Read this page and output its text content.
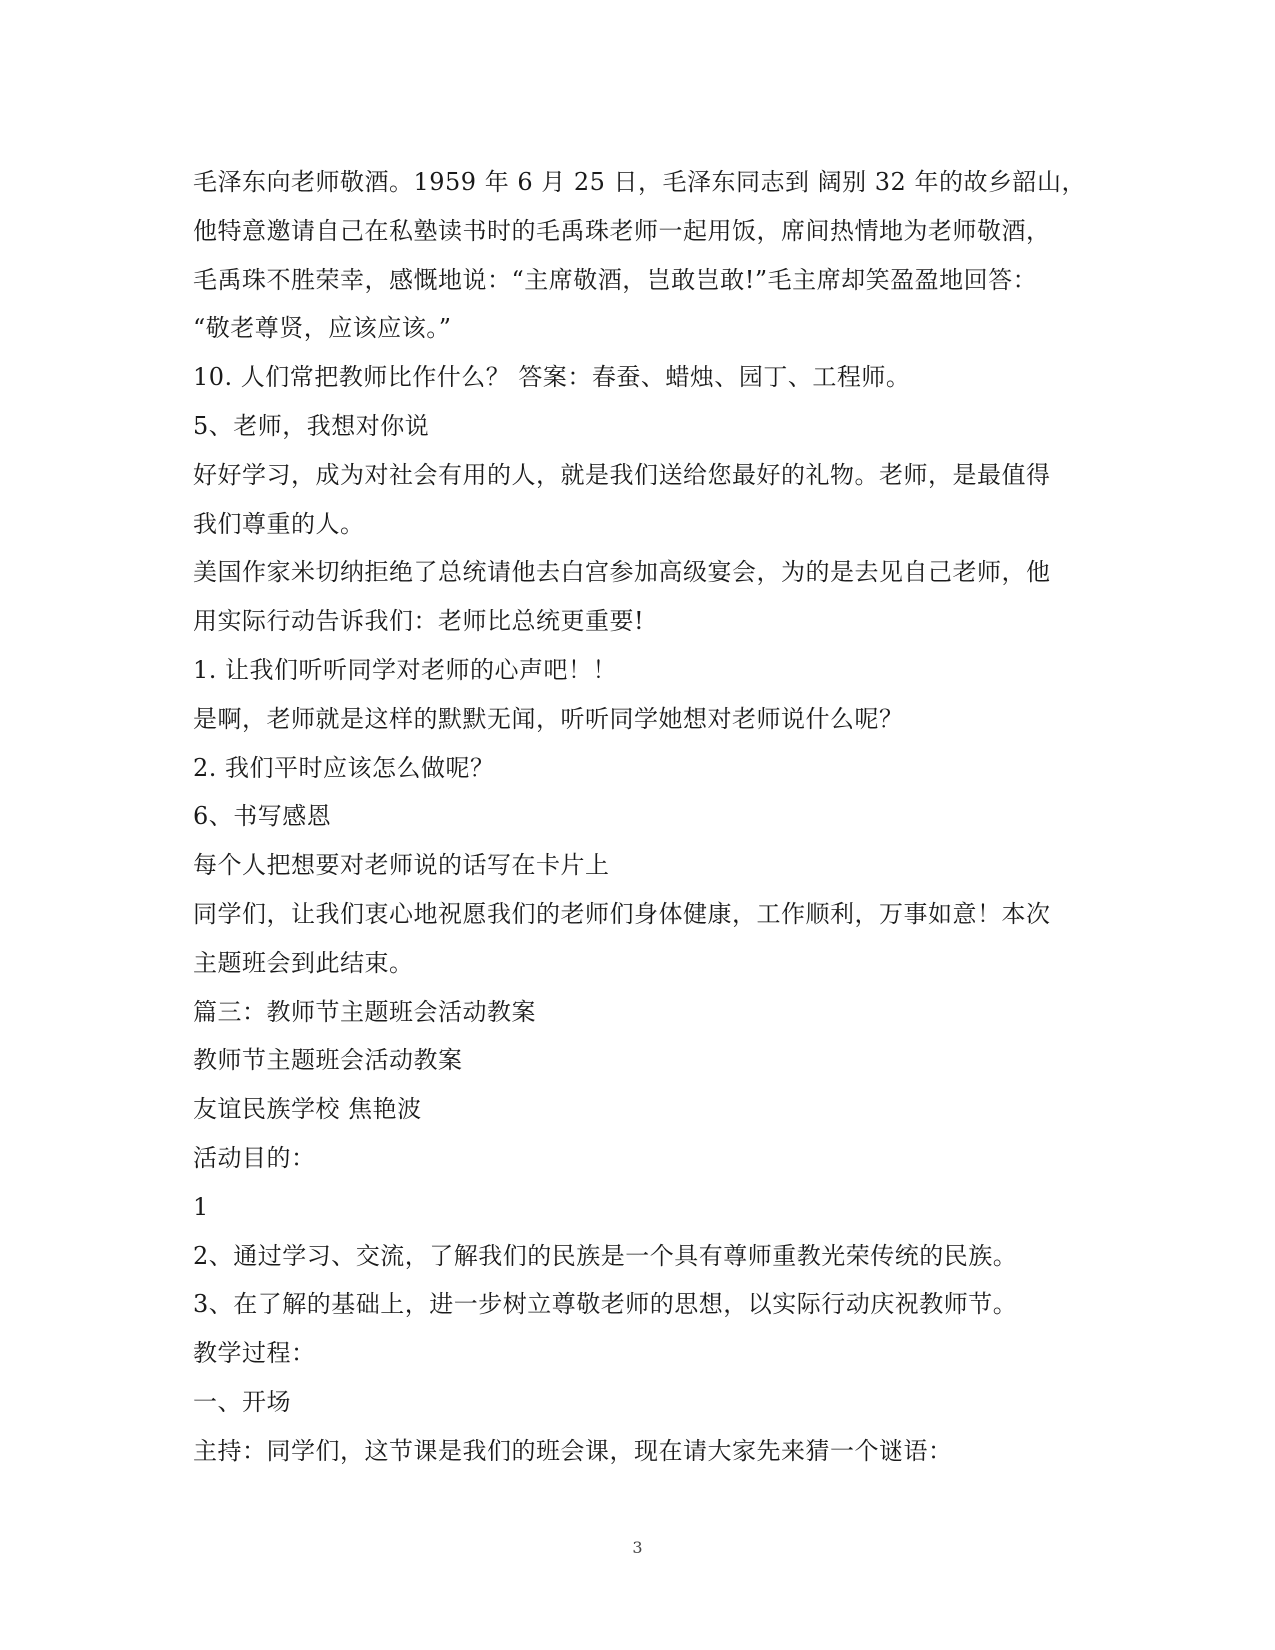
毛泽东向老师敬酒。1959 年 6 月 25 日，毛泽东同志到 阔别 32 年的故乡韶山，
他特意邀请自己在私塾读书时的毛禹珠老师一起用饭，席间热情地为老师敬酒，
毛禹珠不胜荣幸，感慨地说：“主席敬酒，岂敢岂敢!”毛主席却笑盈盈地回答：
“敬老尊贤，应该应该。”
10. 人们常把教师比作什么？ 答案：春蚕、蜡烛、园丁、工程师。
5、老师，我想对你说
好好学习，成为对社会有用的人，就是我们送给您最好的礼物。老师，是最值得
我们尊重的人。
美国作家米切纳拒绝了总统请他去白宫参加高级宴会，为的是去见自己老师，他
用实际行动告诉我们：老师比总统更重要!
1. 让我们听听同学对老师的心声吧！！
是啊，老师就是这样的默默无闻，听听同学她想对老师说什么呢？
2. 我们平时应该怎么做呢？
6、书写感恩
每个人把想要对老师说的话写在卡片上
同学们，让我们衷心地祝愿我们的老师们身体健康，工作顺利，万事如意！本次
主题班会到此结束。
篇三：教师节主题班会活动教案
教师节主题班会活动教案
友谊民族学校 焦艳波
活动目的：
1
2、通过学习、交流，了解我们的民族是一个具有尊师重教光荣传统的民族。
3、在了解的基础上，进一步树立尊敬老师的思想，以实际行动庆祝教师节。
教学过程：
一、开场
主持：同学们，这节课是我们的班会课，现在请大家先来猜一个谜语：
3
